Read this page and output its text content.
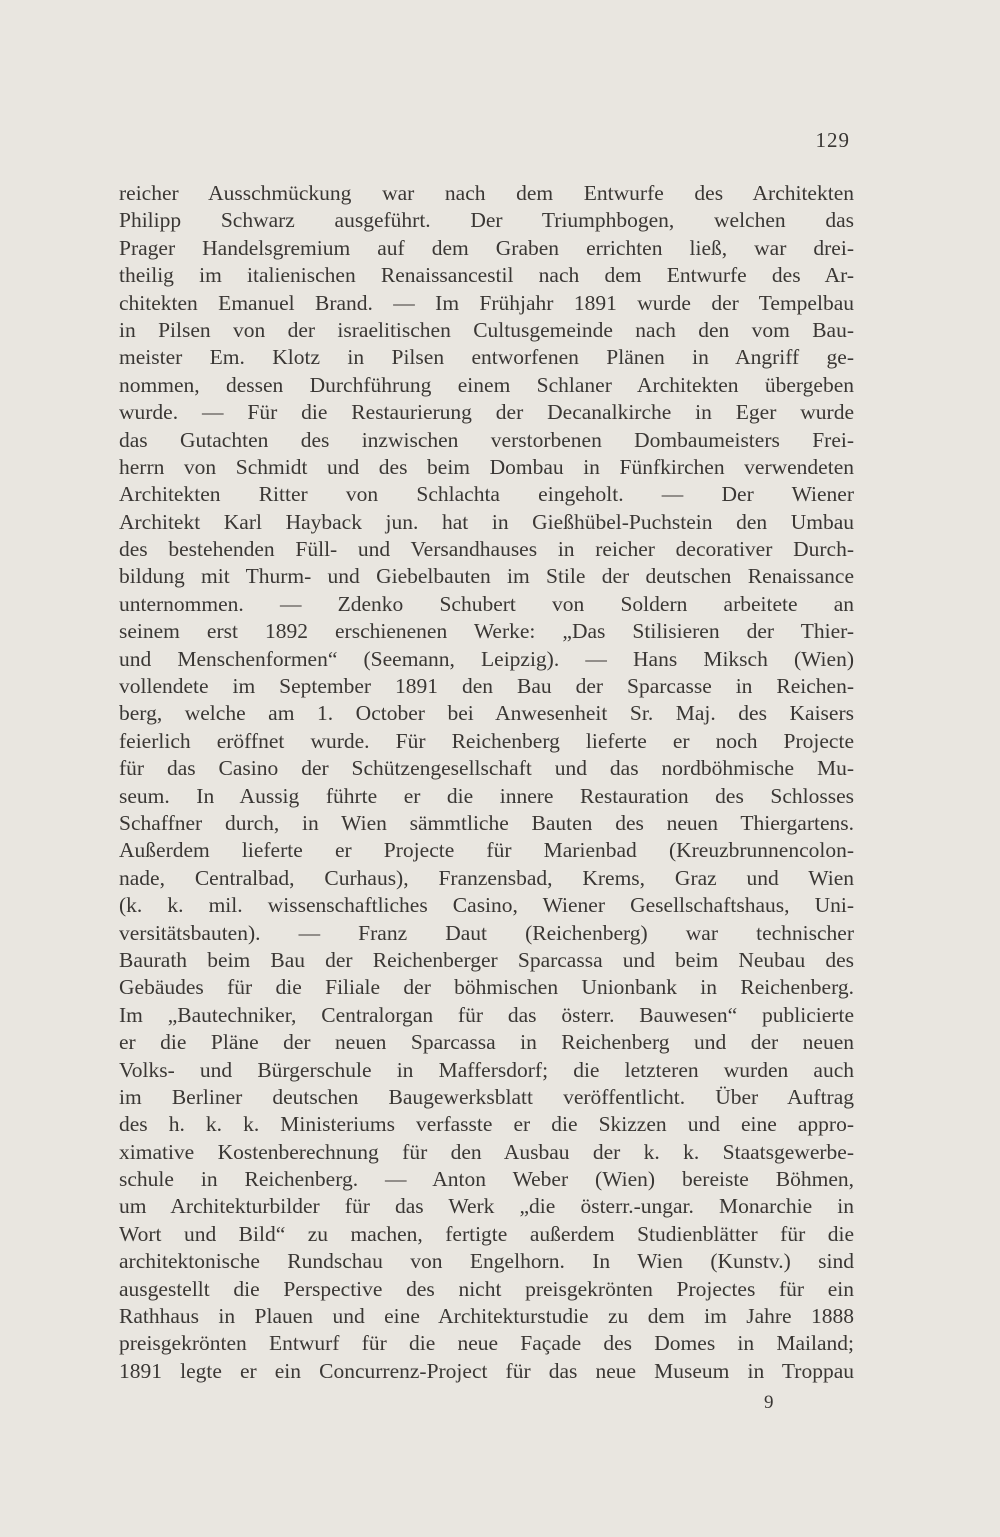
129
reicher Ausschmückung war nach dem Entwurfe des Architekten
Philipp Schwarz ausgeführt. Der Triumphbogen, welchen das
Prager Handelsgremium auf dem Graben errichten ließ, war drei-
theilig im italienischen Renaissancestil nach dem Entwurfe des Ar-
chitekten Emanuel Brand. — Im Frühjahr 1891 wurde der Tempelbau
in Pilsen von der israelitischen Cultusgemeinde nach den vom Bau-
meister Em. Klotz in Pilsen entworfenen Plänen in Angriff ge-
nommen, dessen Durchführung einem Schlaner Architekten übergeben
wurde. — Für die Restaurierung der Decanalkirche in Eger wurde
das Gutachten des inzwischen verstorbenen Dombaumeisters Frei-
herrn von Schmidt und des beim Dombau in Fünfkirchen verwendeten
Architekten Ritter von Schlachta eingeholt. — Der Wiener
Architekt Karl Hayback jun. hat in Gießhübel-Puchstein den Umbau
des bestehenden Füll- und Versandhauses in reicher decorativer Durch-
bildung mit Thurm- und Giebelbauten im Stile der deutschen Renaissance
unternommen. — Zdenko Schubert von Soldern arbeitete an
seinem erst 1892 erschienenen Werke: „Das Stilisieren der Thier-
und Menschenformen“ (Seemann, Leipzig). — Hans Miksch (Wien)
vollendete im September 1891 den Bau der Sparcasse in Reichen-
berg, welche am 1. October bei Anwesenheit Sr. Maj. des Kaisers
feierlich eröffnet wurde. Für Reichenberg lieferte er noch Projecte
für das Casino der Schützengesellschaft und das nordböhmische Mu-
seum. In Aussig führte er die innere Restauration des Schlosses
Schaffner durch, in Wien sämmtliche Bauten des neuen Thiergartens.
Außerdem lieferte er Projecte für Marienbad (Kreuzbrunnencolon-
nade, Centralbad, Curhaus), Franzensbad, Krems, Graz und Wien
(k. k. mil. wissenschaftliches Casino, Wiener Gesellschaftshaus, Uni-
versitätsbauten). — Franz Daut (Reichenberg) war technischer
Baurath beim Bau der Reichenberger Sparcassa und beim Neubau des
Gebäudes für die Filiale der böhmischen Unionbank in Reichenberg.
Im „Bautechniker, Centralorgan für das österr. Bauwesen“ publicierte
er die Pläne der neuen Sparcassa in Reichenberg und der neuen
Volks- und Bürgerschule in Maffersdorf; die letzteren wurden auch
im Berliner deutschen Baugewerksblatt veröffentlicht. Über Auftrag
des h. k. k. Ministeriums verfasste er die Skizzen und eine appro-
ximative Kostenberechnung für den Ausbau der k. k. Staatsgewerbe-
schule in Reichenberg. — Anton Weber (Wien) bereiste Böhmen,
um Architekturbilder für das Werk „die österr.-ungar. Monarchie in
Wort und Bild“ zu machen, fertigte außerdem Studienblätter für die
architektonische Rundschau von Engelhorn. In Wien (Kunstv.) sind
ausgestellt die Perspective des nicht preisgekrönten Projectes für ein
Rathhaus in Plauen und eine Architekturstudie zu dem im Jahre 1888
preisgekrönten Entwurf für die neue Façade des Domes in Mailand;
1891 legte er ein Concurrenz-Project für das neue Museum in Troppau
9
